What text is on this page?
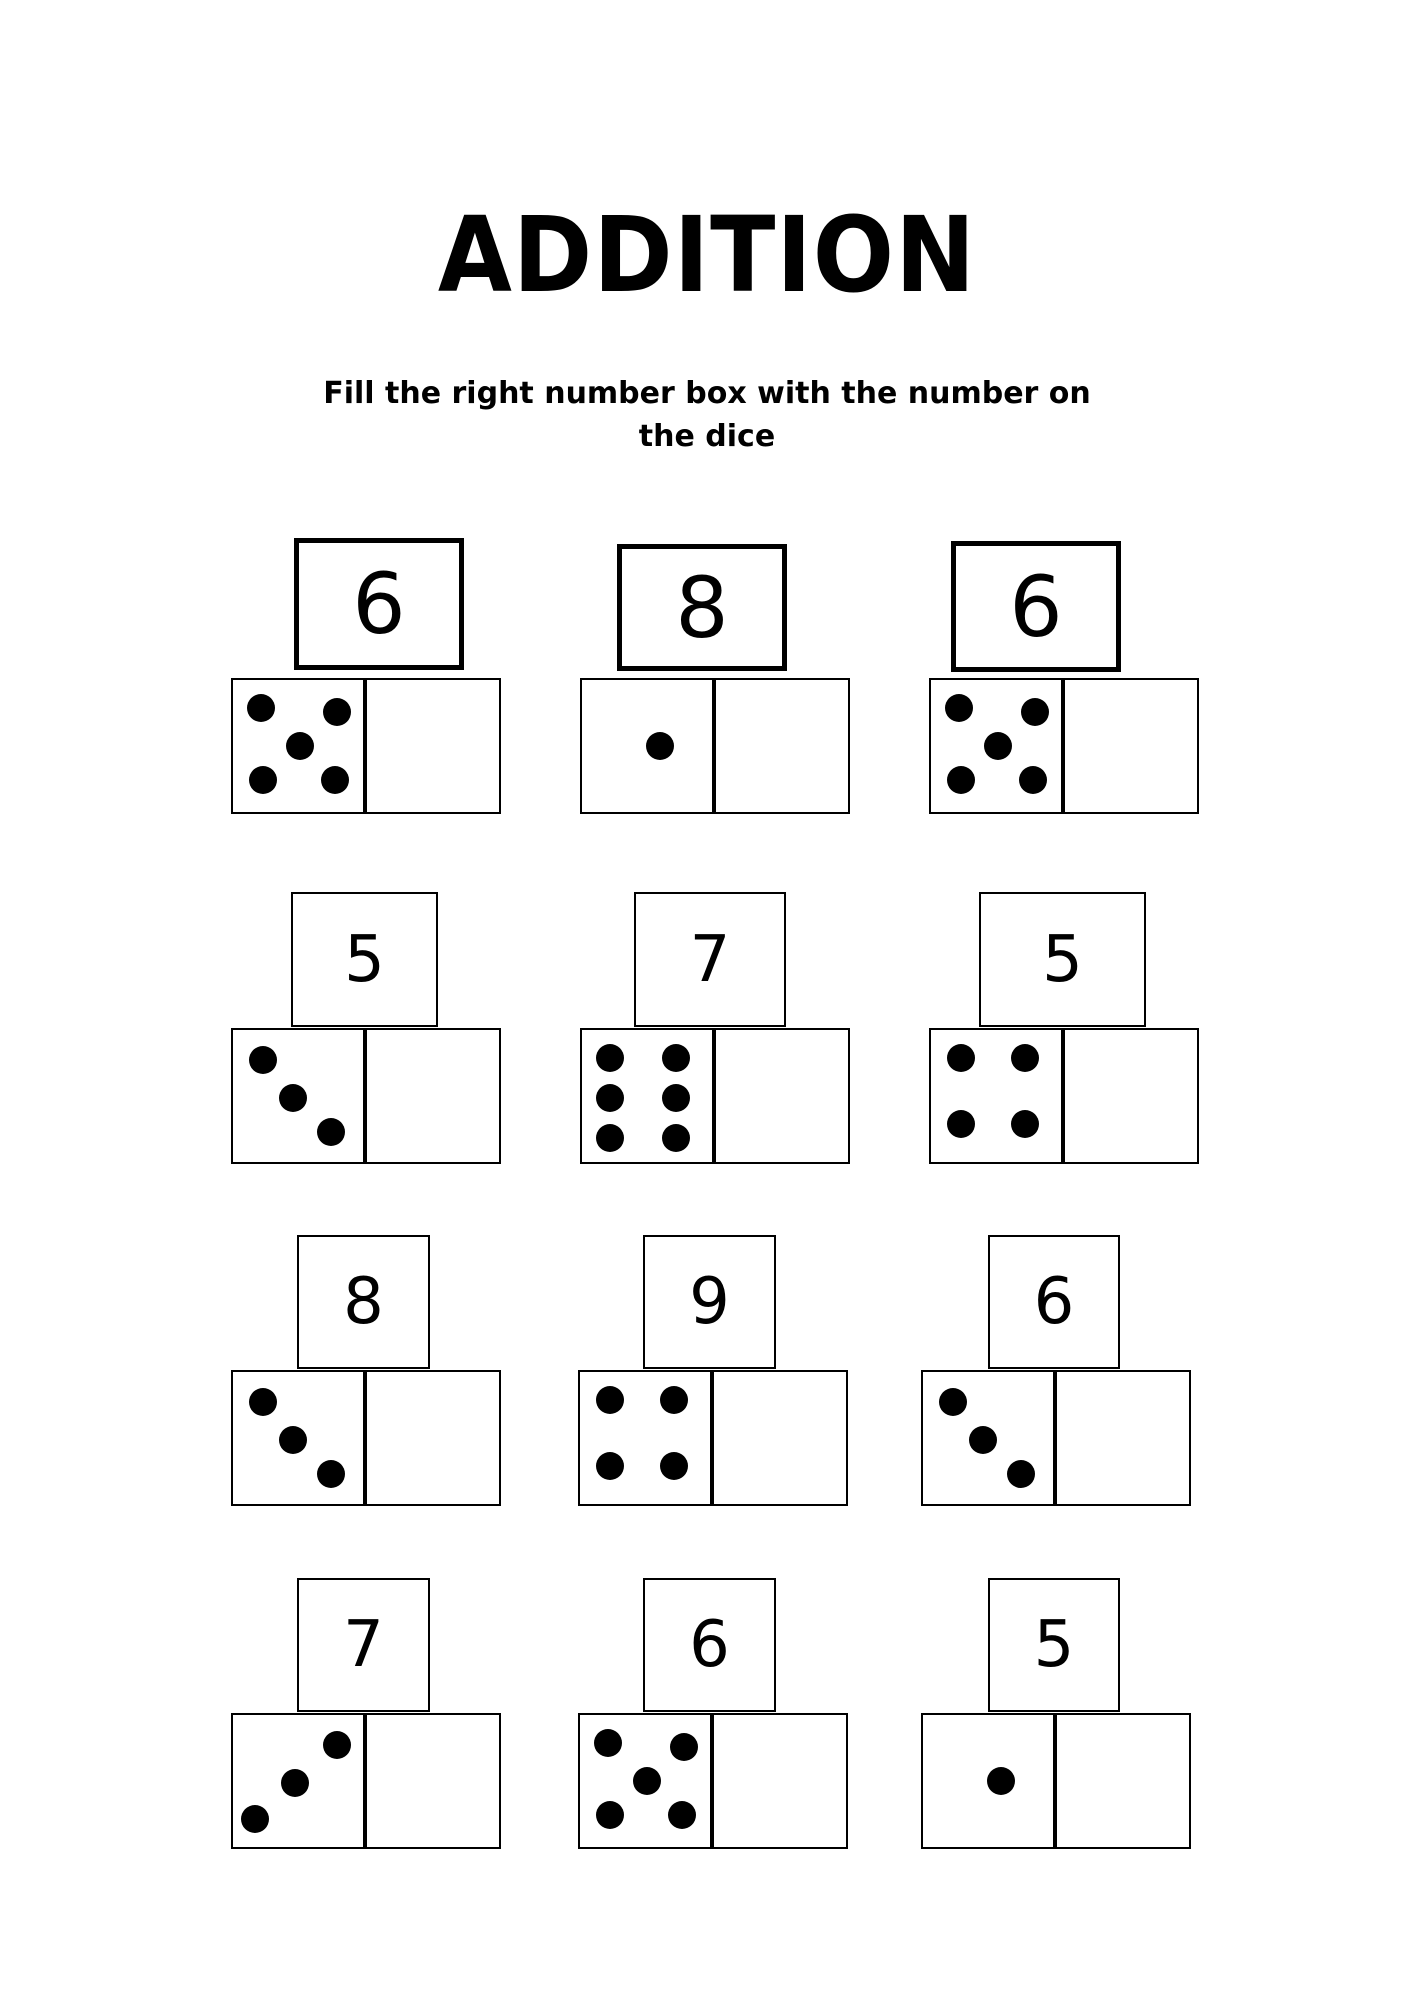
ADDITION
Fill the right number box with the number on the dice
6	8	6
5	7	5
8	9	6
7	6	5
